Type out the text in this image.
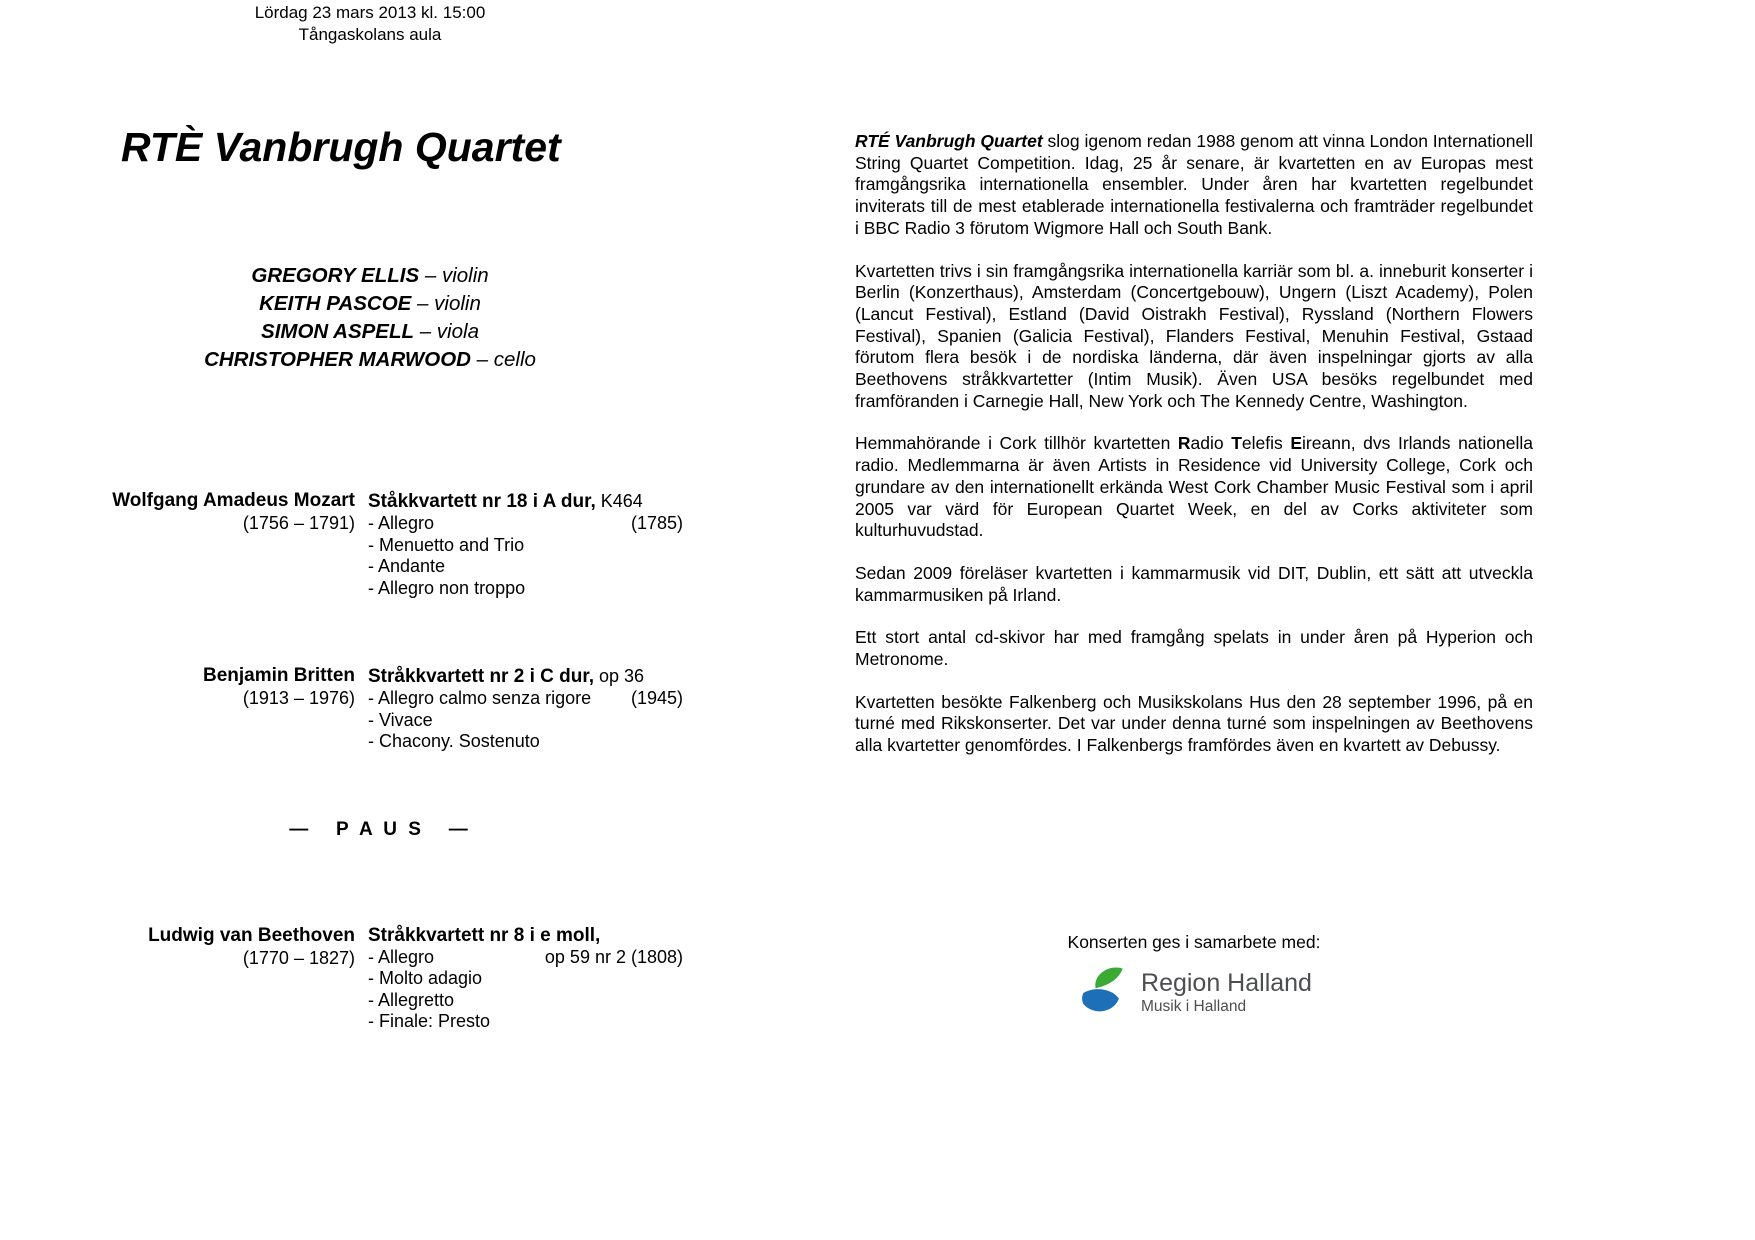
Lördag 23 mars 2013 kl. 15:00
Tångaskolans aula
RTÈ Vanbrugh Quartet
GREGORY ELLIS – violin
KEITH PASCOE – violin
SIMON ASPELL – viola
CHRISTOPHER MARWOOD – cello
Wolfgang Amadeus Mozart
(1756 – 1791)
Ståkkvartett nr 18 i A dur, K464
- Allegro	(1785)
- Menuetto and Trio
- Andante
- Allegro non troppo
Benjamin Britten
(1913 – 1976)
Stråkkvartett nr 2 i C dur, op 36
- Allegro calmo senza rigore (1945)
- Vivace
- Chacony. Sostenuto
—   P A U S   —
Ludwig van Beethoven
(1770 – 1827)
Stråkkvartett nr 8 i e moll,
- Allegro	op 59 nr 2 (1808)
- Molto adagio
- Allegretto
- Finale: Presto

RTÉ Vanbrugh Quartet slog igenom redan 1988 genom att vinna London Internationell String Quartet Competition. Idag, 25 år senare, är kvartetten en av Europas mest framgångsrika internationella ensembler. Under åren har kvartetten regelbundet inviterats till de mest etablerade internationella festivalerna och framträder regelbundet i BBC Radio 3 förutom Wigmore Hall och South Bank.

Kvartetten trivs i sin framgångsrika internationella karriär som bl. a. inneburit konserter i Berlin (Konzerthaus), Amsterdam (Concertgebouw), Ungern (Liszt Academy), Polen (Lancut Festival), Estland (David Oistrakh Festival), Ryssland (Northern Flowers Festival), Spanien (Galicia Festival), Flanders Festival, Menuhin Festival, Gstaad förutom flera besök i de nordiska länderna, där även inspelningar gjorts av alla Beethovens stråkkvartetter (Intim Musik). Även USA besöks regelbundet med framföranden i Carnegie Hall, New York och The Kennedy Centre, Washington.

Hemmahörande i Cork tillhör kvartetten Radio Telefis Eireann, dvs Irlands nationella radio. Medlemmarna är även Artists in Residence vid University College, Cork och grundare av den internationellt erkända West Cork Chamber Music Festival som i april 2005 var värd för European Quartet Week, en del av Corks aktiviteter som kulturhuvudstad.

Sedan 2009 föreläser kvartetten i kammarmusik vid DIT, Dublin, ett sätt att utveckla kammarmusiken på Irland.

Ett stort antal cd-skivor har med framgång spelats in under åren på Hyperion och Metronome.

Kvartetten besökte Falkenberg och Musikskolans Hus den 28 september 1996, på en turné med Rikskonserter. Det var under denna turné som inspelningen av Beethovens alla kvartetter genomfördes. I Falkenbergs framfördes även en kvartett av Debussy.

Konserten ges i samarbete med:
Region Halland
Musik i Halland
